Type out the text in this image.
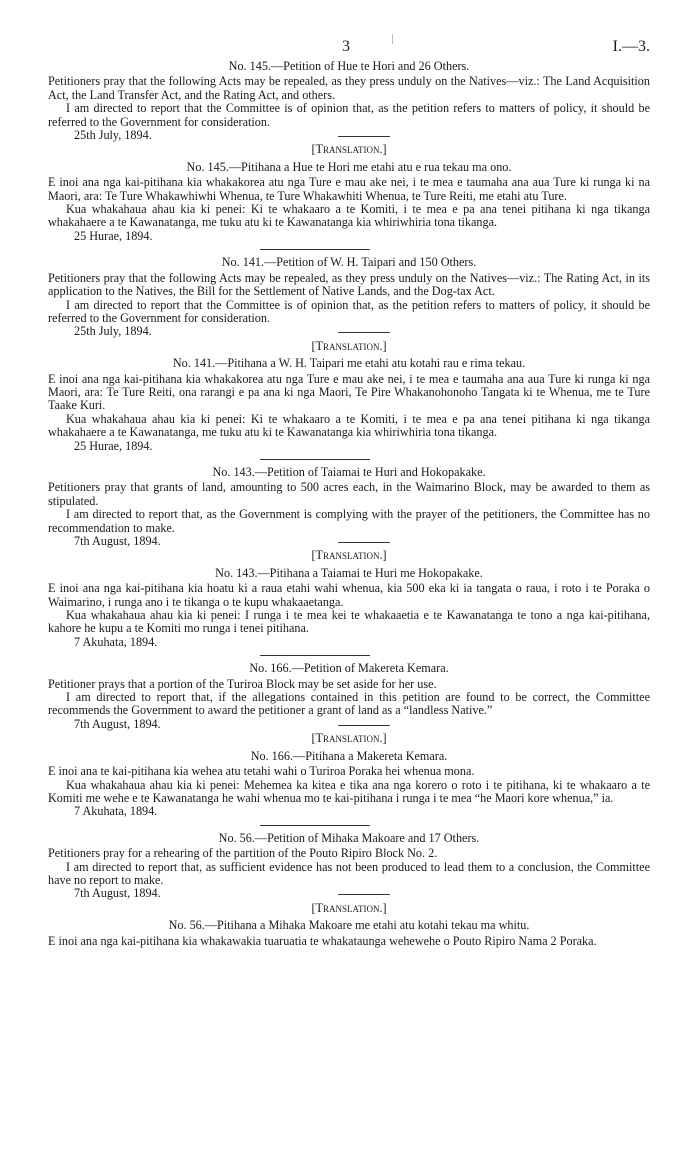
3	I.—3.

No. 145.—Petition of Hue te Hori and 26 Others.

Petitioners pray that the following Acts may be repealed, as they press unduly on the Natives—viz.: The Land Acquisition Act, the Land Transfer Act, and the Rating Act, and others.

I am directed to report that the Committee is of opinion that, as the petition refers to matters of policy, it should be referred to the Government for consideration.

25th July, 1894.

[Translation.]

No. 145.—Pitihana a Hue te Hori me etahi atu e rua tekau ma ono.

E inoi ana nga kai-pitihana kia whakakorea atu nga Ture e mau ake nei, i te mea e taumaha ana aua Ture ki runga ki na Maori, ara: Te Ture Whakawhiwhi Whenua, te Ture Whakawhiti Whenua, te Ture Reiti, me etahi atu Ture.

Kua whakahaua ahau kia ki penei: Ki te whakaaro a te Komiti, i te mea e pa ana tenei pitihana ki nga tikanga whakahaere a te Kawanatanga, me tuku atu ki te Kawanatanga kia whiriwhiria tona tikanga.

25 Hurae, 1894.

No. 141.—Petition of W. H. Taipari and 150 Others.

Petitioners pray that the following Acts may be repealed, as they press unduly on the Natives—viz.: The Rating Act, in its application to the Natives, the Bill for the Settlement of Native Lands, and the Dog-tax Act.

I am directed to report that the Committee is of opinion that, as the petition refers to matters of policy, it should be referred to the Government for consideration.

25th July, 1894.

[Translation.]

No. 141.—Pitihana a W. H. Taipari me etahi atu kotahi rau e rima tekau.

E inoi ana nga kai-pitihana kia whakakorea atu nga Ture e mau ake nei, i te mea e taumaha ana aua Ture ki runga ki nga Maori, ara: Te Ture Reiti, ona rarangi e pa ana ki nga Maori, Te Pire Whakanohonoho Tangata ki te Whenua, me te Ture Taake Kuri.

Kua whakahaua ahau kia ki penei: Ki te whakaaro a te Komiti, i te mea e pa ana tenei pitihana ki nga tikanga whakahaere a te Kawanatanga, me tuku atu ki te Kawanatanga kia whiriwhiria tona tikanga.

25 Hurae, 1894.

No. 143.—Petition of Taiamai te Huri and Hokopakake.

Petitioners pray that grants of land, amounting to 500 acres each, in the Waimarino Block, may be awarded to them as stipulated.

I am directed to report that, as the Government is complying with the prayer of the petitioners, the Committee has no recommendation to make.

7th August, 1894.

[Translation.]

No. 143.—Pitihana a Taiamai te Huri me Hokopakake.

E inoi ana nga kai-pitihana kia hoatu ki a raua etahi wahi whenua, kia 500 eka ki ia tangata o raua, i roto i te Poraka o Waimarino, i runga ano i te tikanga o te kupu whakaaetanga.

Kua whakahaua ahau kia ki penei: I runga i te mea kei te whakaaetia e te Kawanatanga te tono a nga kai-pitihana, kahore he kupu a te Komiti mo runga i tenei pitihana.

7 Akuhata, 1894.

No. 166.—Petition of Makereta Kemara.

Petitioner prays that a portion of the Turiroa Block may be set aside for her use.

I am directed to report that, if the allegations contained in this petition are found to be correct, the Committee recommends the Government to award the petitioner a grant of land as a “landless Native.”

7th August, 1894.

[Translation.]

No. 166.—Pitihana a Makereta Kemara.

E inoi ana te kai-pitihana kia wehea atu tetahi wahi o Turiroa Poraka hei whenua mona.

Kua whakahaua ahau kia ki penei: Mehemea ka kitea e tika ana nga korero o roto i te pitihana, ki te whakaaro a te Komiti me wehe e te Kawanatanga he wahi whenua mo te kai-pitihana i runga i te mea “he Maori kore whenua,” ia.

7 Akuhata, 1894.

No. 56.—Petition of Mihaka Makoare and 17 Others.

Petitioners pray for a rehearing of the partition of the Pouto Ripiro Block No. 2.

I am directed to report that, as sufficient evidence has not been produced to lead them to a conclusion, the Committee have no report to make.

7th August, 1894.

[Translation.]

No. 56.—Pitihana a Mihaka Makoare me etahi atu kotahi tekau ma whitu.

E inoi ana nga kai-pitihana kia whakawakia tuaruatia te whakataunga wehewehe o Pouto Ripiro Nama 2 Poraka.
